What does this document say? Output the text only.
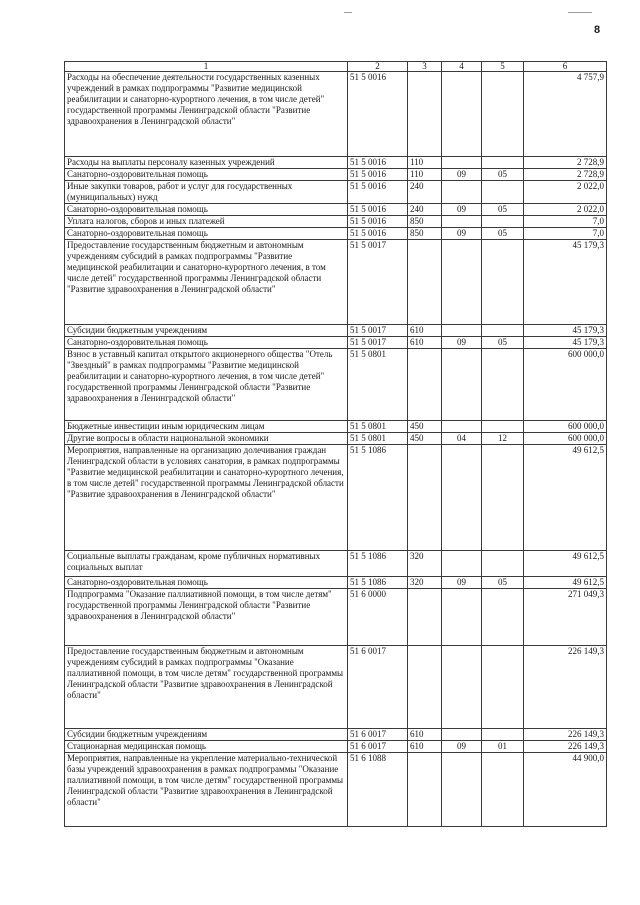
8
1	2	3	4	5	6
Расходы на обеспечение деятельности государственных казенных учреждений в рамках подпрограммы "Развитие медицинской реабилитации и санаторно-курортного лечения, в том числе детей" государственной программы Ленинградской области "Развитие здравоохранения в Ленинградской области"	51 5 0016				4 757,9
Расходы на выплаты персоналу казенных учреждений	51 5 0016	110			2 728,9
Санаторно-оздоровительная помощь	51 5 0016	110	09	05	2 728,9
Иные закупки товаров, работ и услуг для государственных (муниципальных) нужд	51 5 0016	240			2 022,0
Санаторно-оздоровительная помощь	51 5 0016	240	09	05	2 022,0
Уплата налогов, сборов и иных платежей	51 5 0016	850			7,0
Санаторно-оздоровительная помощь	51 5 0016	850	09	05	7,0
Предоставление государственным бюджетным и автономным учреждениям субсидий в рамках подпрограммы "Развитие медицинской реабилитации и санаторно-курортного лечения, в том числе детей" государственной программы Ленинградской области "Развитие здравоохранения в Ленинградской области"	51 5 0017				45 179,3
Субсидии бюджетным учреждениям	51 5 0017	610			45 179,3
Санаторно-оздоровительная помощь	51 5 0017	610	09	05	45 179,3
Взнос в уставный капитал открытого акционерного общества "Отель "Звездный" в рамках подпрограммы "Развитие медицинской реабилитации и санаторно-курортного лечения, в том числе детей" государственной программы Ленинградской области "Развитие здравоохранения в Ленинградской области"	51 5 0801				600 000,0
Бюджетные инвестиции иным юридическим лицам	51 5 0801	450			600 000,0
Другие вопросы в области национальной экономики	51 5 0801	450	04	12	600 000,0
Мероприятия, направленные на организацию долечивания граждан Ленинградской области в условиях санатория, в рамках подпрограммы "Развитие медицинской реабилитации и санаторно-курортного лечения, в том числе детей" государственной программы Ленинградской области "Развитие здравоохранения в Ленинградской области"	51 5 1086				49 612,5
Социальные выплаты гражданам, кроме публичных нормативных социальных выплат	51 5 1086	320			49 612,5
Санаторно-оздоровительная помощь	51 5 1086	320	09	05	49 612,5
Подпрограмма "Оказание паллиативной помощи, в том числе детям" государственной программы Ленинградской области "Развитие здравоохранения в Ленинградской области"	51 6 0000				271 049,3
Предоставление государственным бюджетным и автономным учреждениям субсидий в рамках подпрограммы "Оказание паллиативной помощи, в том числе детям" государственной программы Ленинградской области "Развитие здравоохранения в Ленинградской области"	51 6 0017				226 149,3
Субсидии бюджетным учреждениям	51 6 0017	610			226 149,3
Стационарная медицинская помощь	51 6 0017	610	09	01	226 149,3
Мероприятия, направленные на укрепление материально-технической базы учреждений здравоохранения в рамках подпрограммы "Оказание паллиативной помощи, в том числе детям" государственной программы Ленинградской области "Развитие здравоохранения в Ленинградской области"	51 6 1088				44 900,0
